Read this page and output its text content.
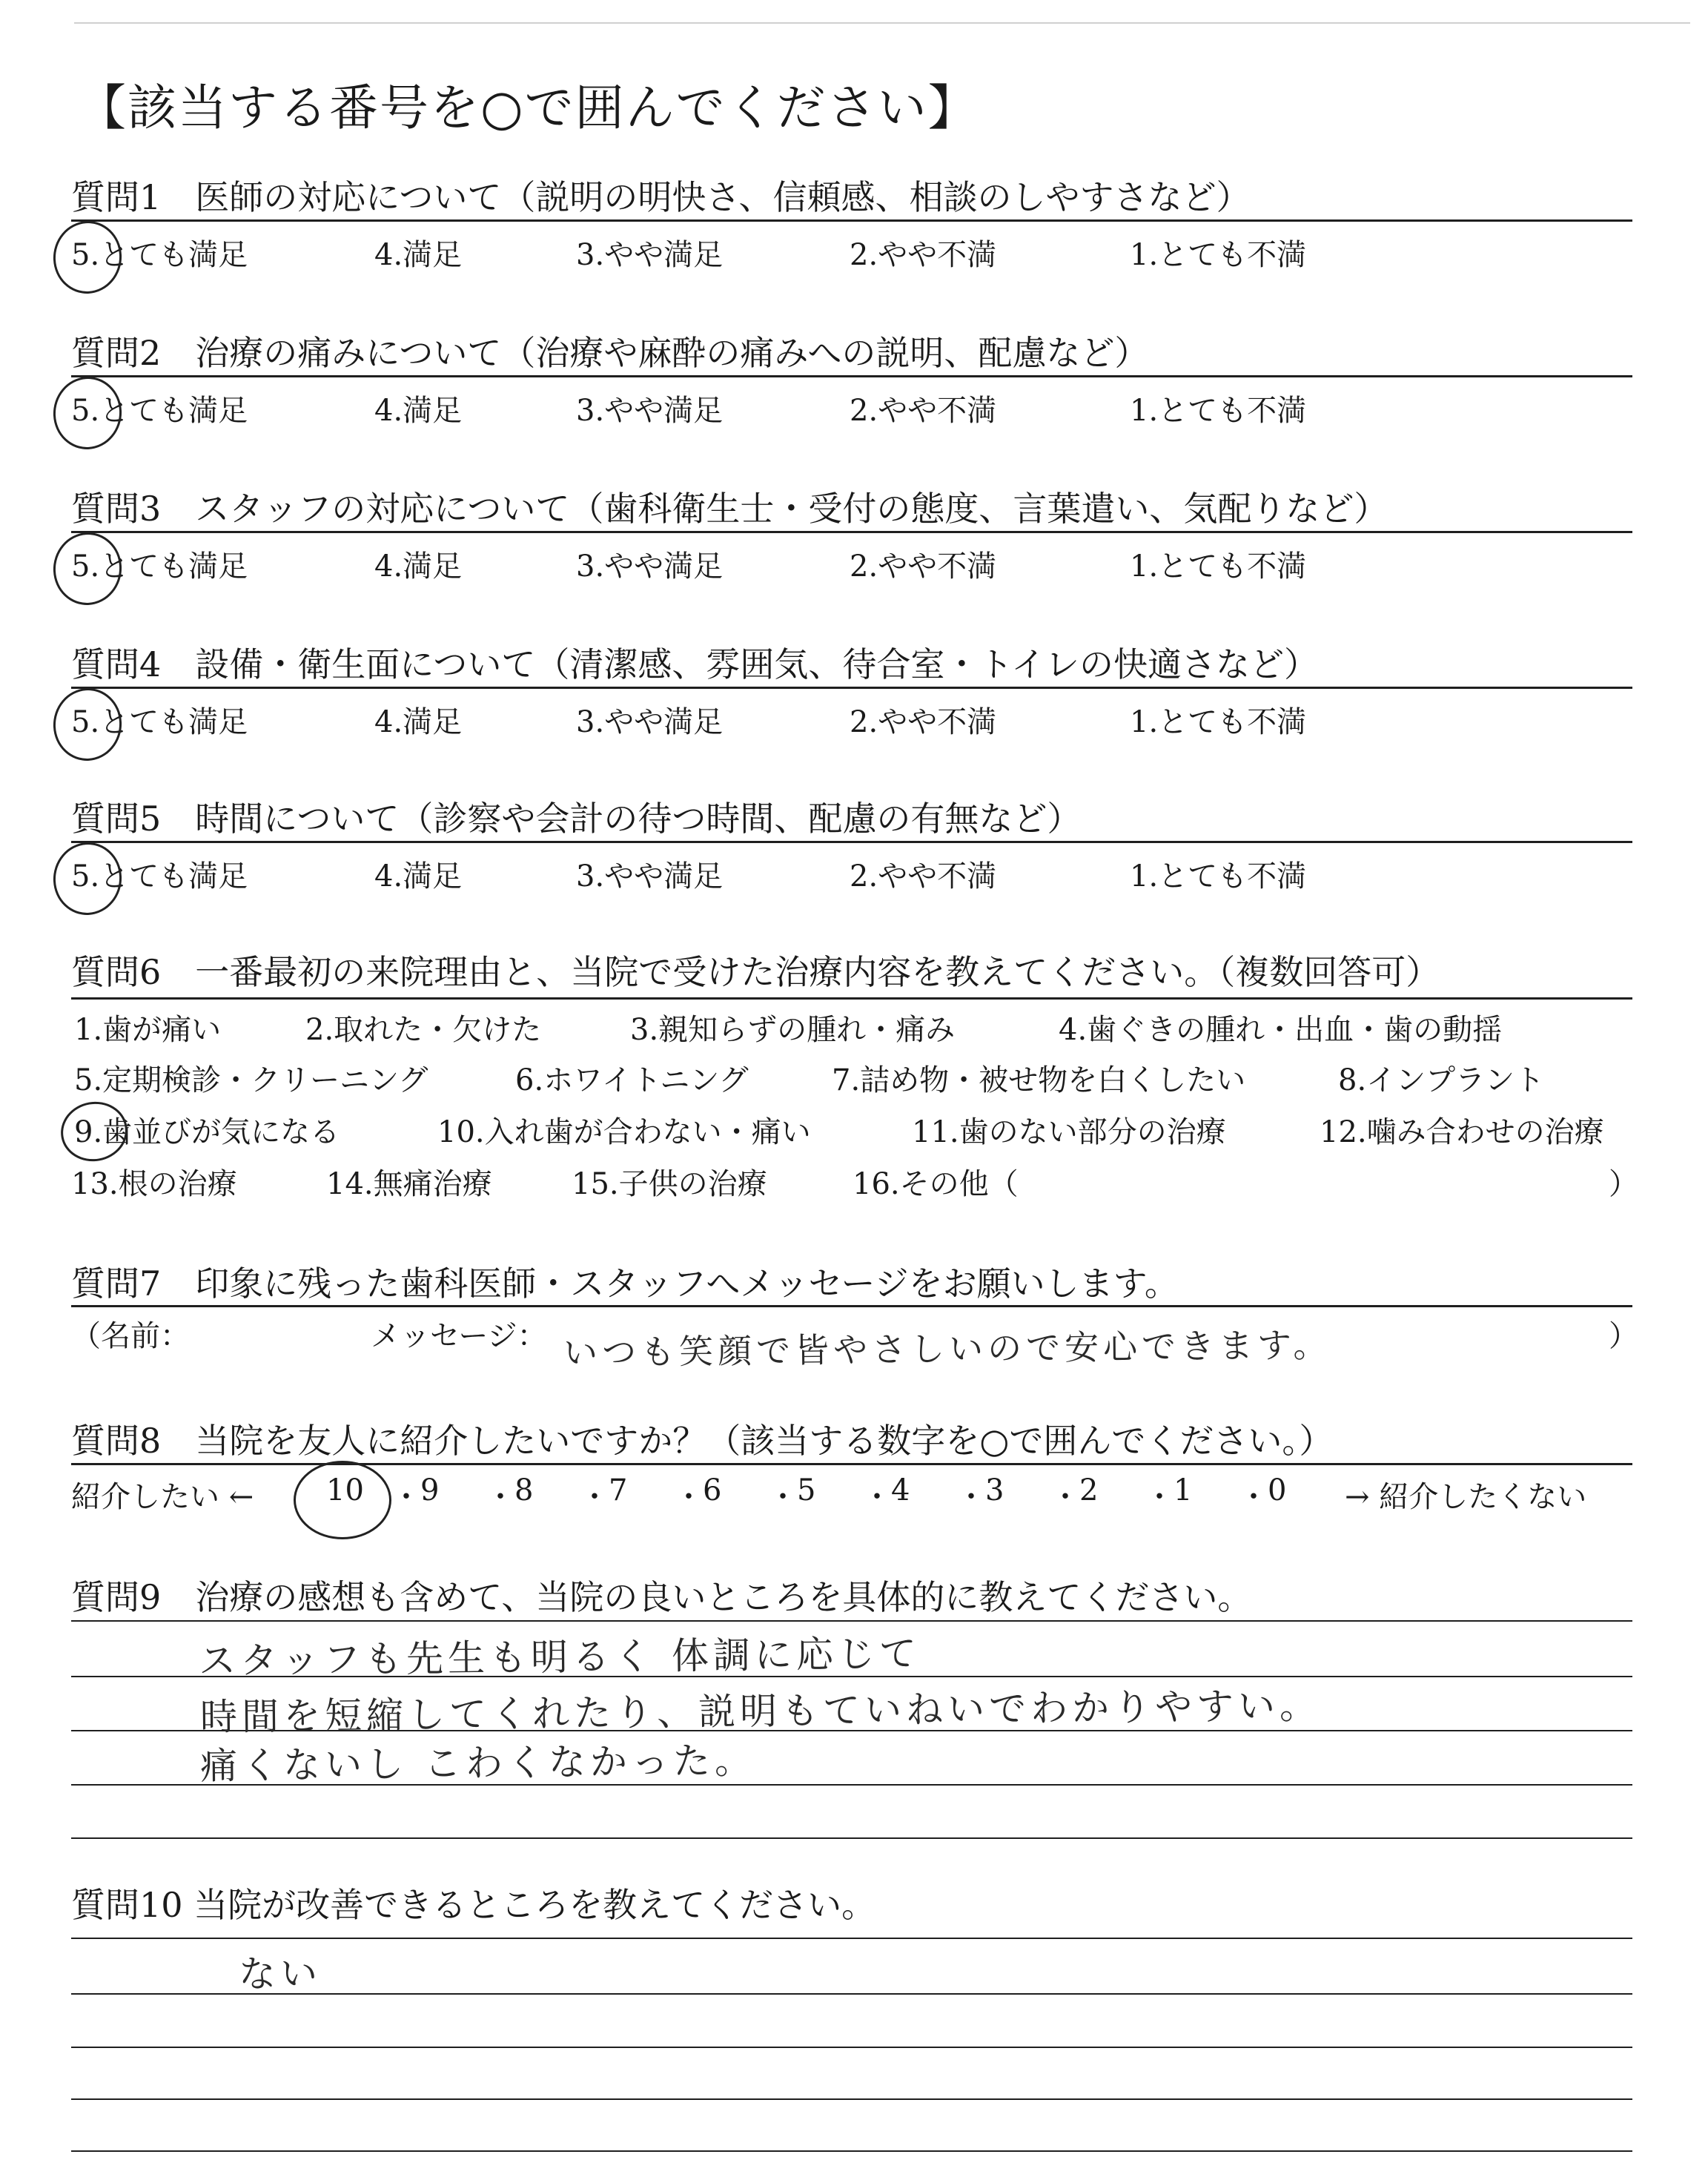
【該当する番号を○で囲んでください】
質問1　医師の対応について（説明の明快さ、信頼感、相談のしやすさなど）
5.とても満足	4.満足	3.やや満足	2.やや不満	1.とても不満
質問2　治療の痛みについて（治療や麻酔の痛みへの説明、配慮など）
5.とても満足	4.満足	3.やや満足	2.やや不満	1.とても不満
質問3　スタッフの対応について（歯科衛生士・受付の態度、言葉遣い、気配りなど）
5.とても満足	4.満足	3.やや満足	2.やや不満	1.とても不満
質問4　設備・衛生面について（清潔感、雰囲気、待合室・トイレの快適さなど）
5.とても満足	4.満足	3.やや満足	2.やや不満	1.とても不満
質問5　時間について（診察や会計の待つ時間、配慮の有無など）
5.とても満足	4.満足	3.やや満足	2.やや不満	1.とても不満
質問6　一番最初の来院理由と、当院で受けた治療内容を教えてください。（複数回答可）
1.歯が痛い	2.取れた・欠けた	3.親知らずの腫れ・痛み	4.歯ぐきの腫れ・出血・歯の動揺
5.定期検診・クリーニング	6.ホワイトニング	7.詰め物・被せ物を白くしたい	8.インプラント
9.歯並びが気になる	10.入れ歯が合わない・痛い	11.歯のない部分の治療	12.噛み合わせの治療
13.根の治療	14.無痛治療	15.子供の治療	16.その他（	）
質問7　印象に残った歯科医師・スタッフへメッセージをお願いします。
（名前：	メッセージ： いつも笑顔で皆やさしいので安心できます。	）
質問8　当院を友人に紹介したいですか？（該当する数字を○で囲んでください。）
紹介したい ← 10 ・ 9 ・ 8 ・ 7 ・ 6 ・ 5 ・ 4 ・ 3 ・ 2 ・ 1 ・ 0 → 紹介したくない
質問9　治療の感想も含めて、当院の良いところを具体的に教えてください。
スタッフも先生も明るく 体調に応じて
時間を短縮してくれたり、説明もていねいでわかりやすい。
痛くないし こわくなかった。
質問10 当院が改善できるところを教えてください。
ない
